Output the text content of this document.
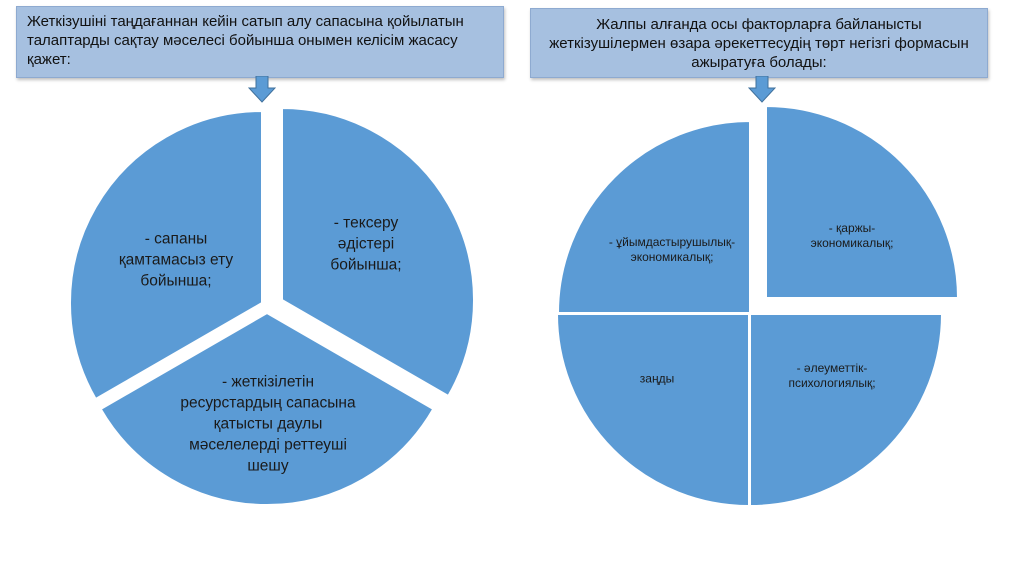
Жеткізушіні таңдағаннан кейін сатып алу сапасына қойылатын талаптарды сақтау мәселесі бойынша онымен келісім жасасу қажет:
Жалпы алғанда осы факторларға байланысты жеткізушілермен өзара әрекеттесудің төрт негізгі формасын ажыратуға болады:
- тексеру әдістері бойынша;
- жеткізілетін ресурстардың сапасына қатысты даулы мәселелерді реттеуші шешу
- сапаны қамтамасыз ету бойынша;
- қаржы-экономикалық;
- әлеуметтік-психологиялық;
заңды
- ұйымдастырушылық-экономикалық;
